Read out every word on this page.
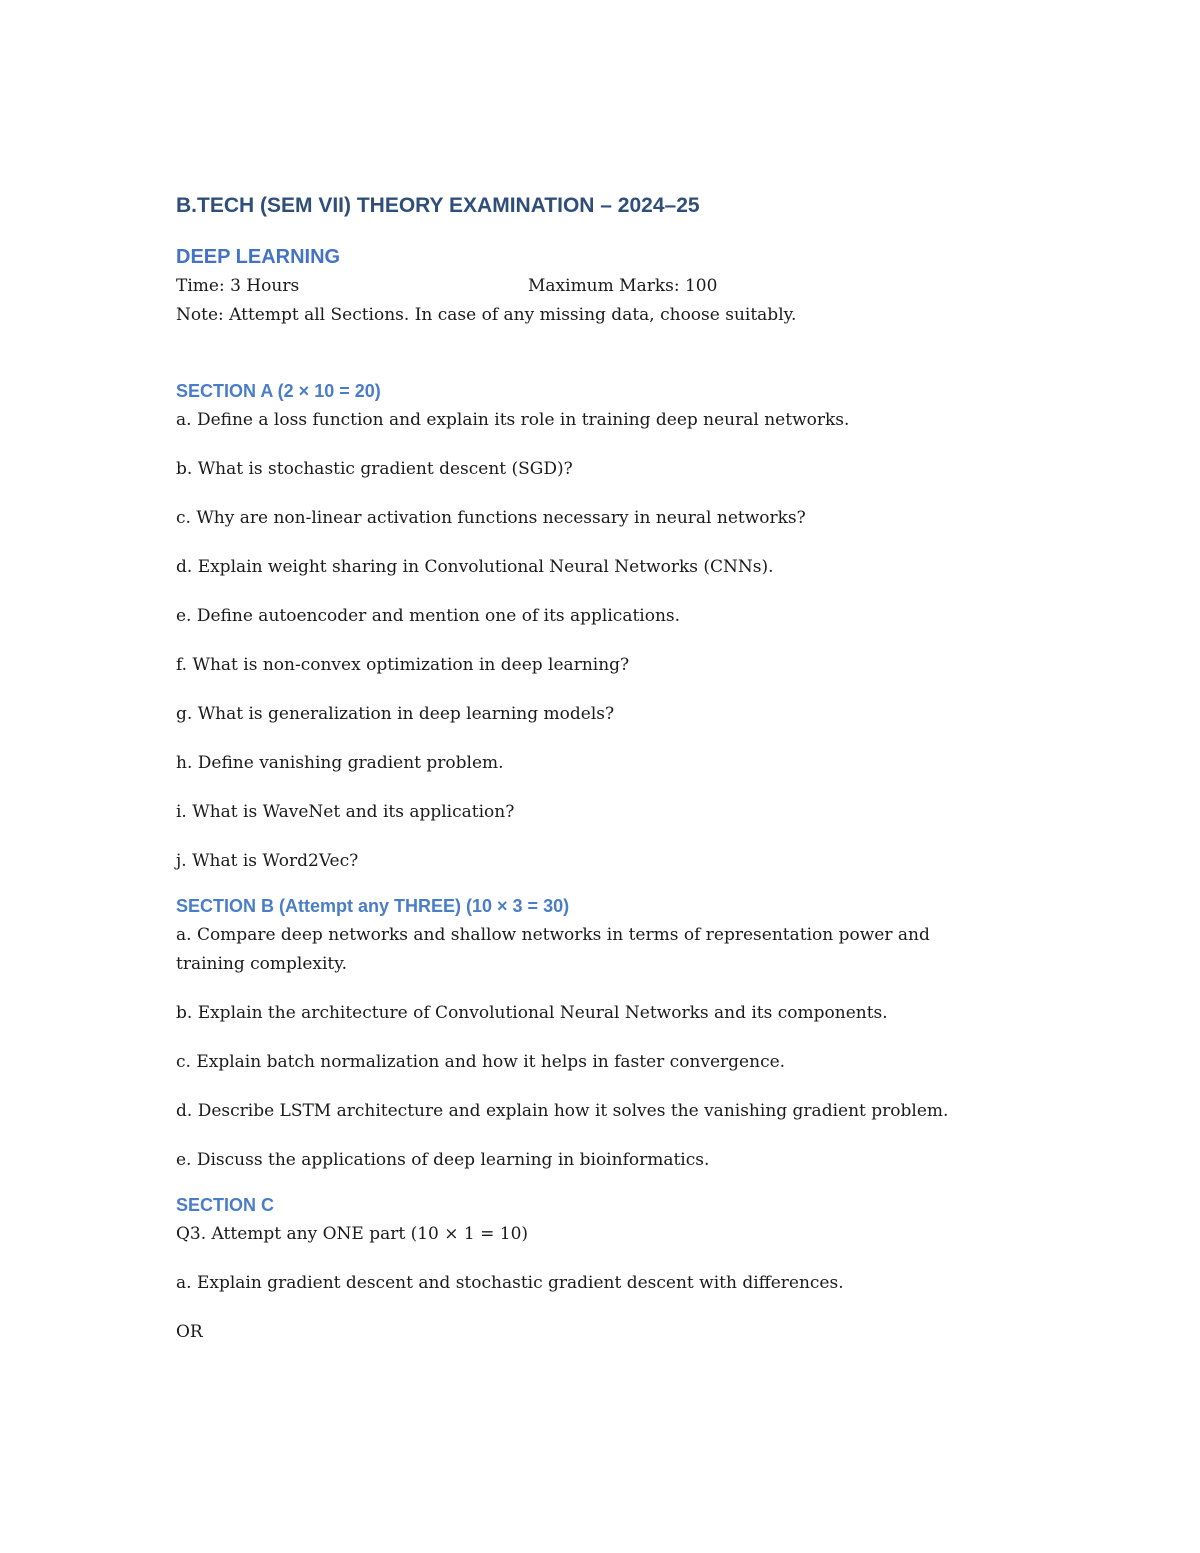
B.TECH (SEM VII) THEORY EXAMINATION – 2024–25
DEEP LEARNING
Time: 3 Hours	Maximum Marks: 100

Note: Attempt all Sections. In case of any missing data, choose suitably.

SECTION A (2 × 10 = 20)

a. Define a loss function and explain its role in training deep neural networks.

b. What is stochastic gradient descent (SGD)?

c. Why are non-linear activation functions necessary in neural networks?

d. Explain weight sharing in Convolutional Neural Networks (CNNs).

e. Define autoencoder and mention one of its applications.

f. What is non-convex optimization in deep learning?

g. What is generalization in deep learning models?

h. Define vanishing gradient problem.

i. What is WaveNet and its application?

j. What is Word2Vec?

SECTION B (Attempt any THREE) (10 × 3 = 30)

a. Compare deep networks and shallow networks in terms of representation power and training complexity.

b. Explain the architecture of Convolutional Neural Networks and its components.

c. Explain batch normalization and how it helps in faster convergence.

d. Describe LSTM architecture and explain how it solves the vanishing gradient problem.

e. Discuss the applications of deep learning in bioinformatics.

SECTION C

Q3. Attempt any ONE part (10 × 1 = 10)

a. Explain gradient descent and stochastic gradient descent with differences.

OR
